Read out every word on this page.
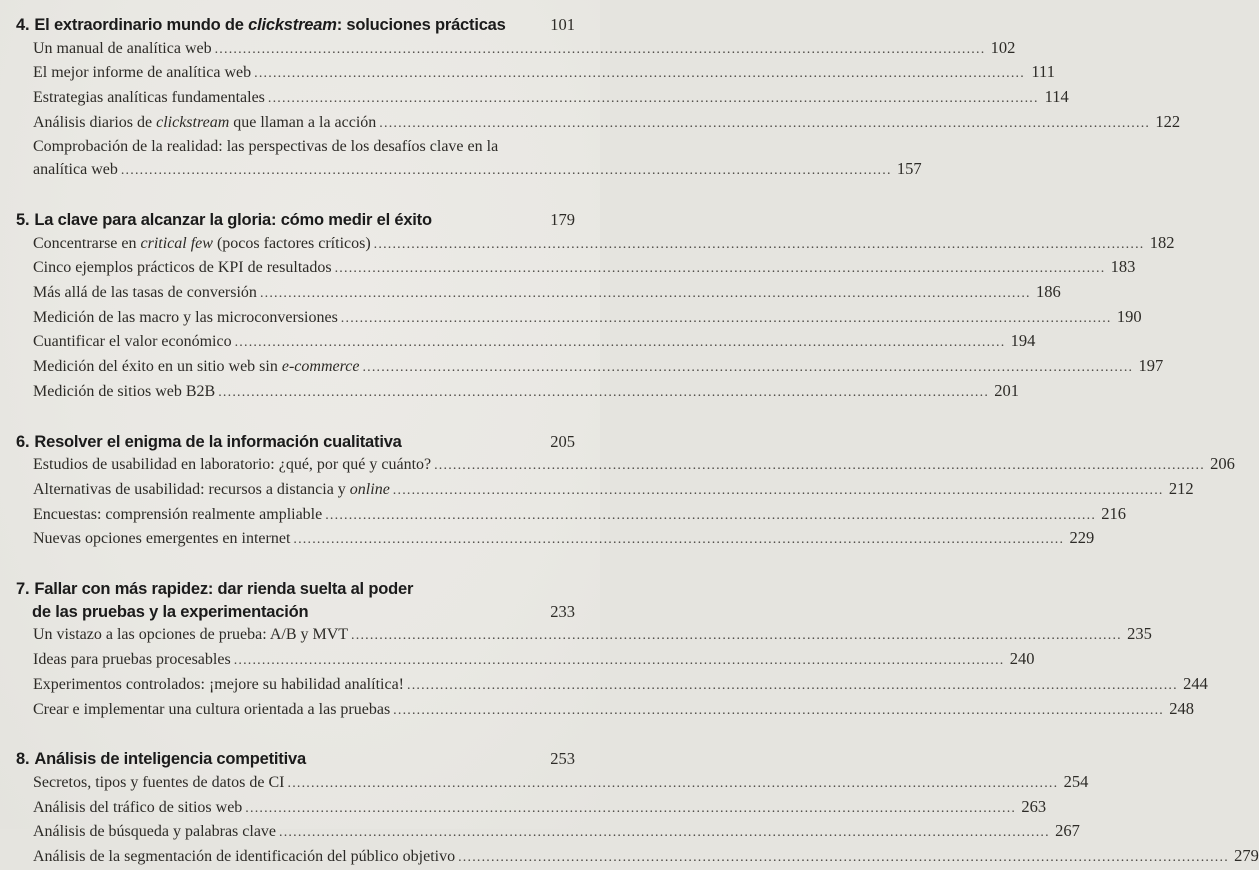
4. El extraordinario mundo de clickstream: soluciones prácticas	101
Un manual de analítica web .....	102
El mejor informe de analítica web .....	111
Estrategias analíticas fundamentales .....	114
Análisis diarios de clickstream que llaman a la acción .....	122
Comprobación de la realidad: las perspectivas de los desafíos clave en la
analítica web .....	157
5. La clave para alcanzar la gloria: cómo medir el éxito	179
Concentrarse en critical few (pocos factores críticos) .....	182
Cinco ejemplos prácticos de KPI de resultados .....	183
Más allá de las tasas de conversión .....	186
Medición de las macro y las microconversiones .....	190
Cuantificar el valor económico .....	194
Medición del éxito en un sitio web sin e-commerce .....	197
Medición de sitios web B2B .....	201
6. Resolver el enigma de la información cualitativa	205
Estudios de usabilidad en laboratorio: ¿qué, por qué y cuánto? .....	206
Alternativas de usabilidad: recursos a distancia y online .....	212
Encuestas: comprensión realmente ampliable .....	216
Nuevas opciones emergentes en internet .....	229
7. Fallar con más rapidez: dar rienda suelta al poder
de las pruebas y la experimentación	233
Un vistazo a las opciones de prueba: A/B y MVT .....	235
Ideas para pruebas procesables .....	240
Experimentos controlados: ¡mejore su habilidad analítica! .....	244
Crear e implementar una cultura orientada a las pruebas .....	248
8. Análisis de inteligencia competitiva	253
Secretos, tipos y fuentes de datos de CI .....	254
Análisis del tráfico de sitios web .....	263
Análisis de búsqueda y palabras clave .....	267
Análisis de la segmentación de identificación del público objetivo .....	279
